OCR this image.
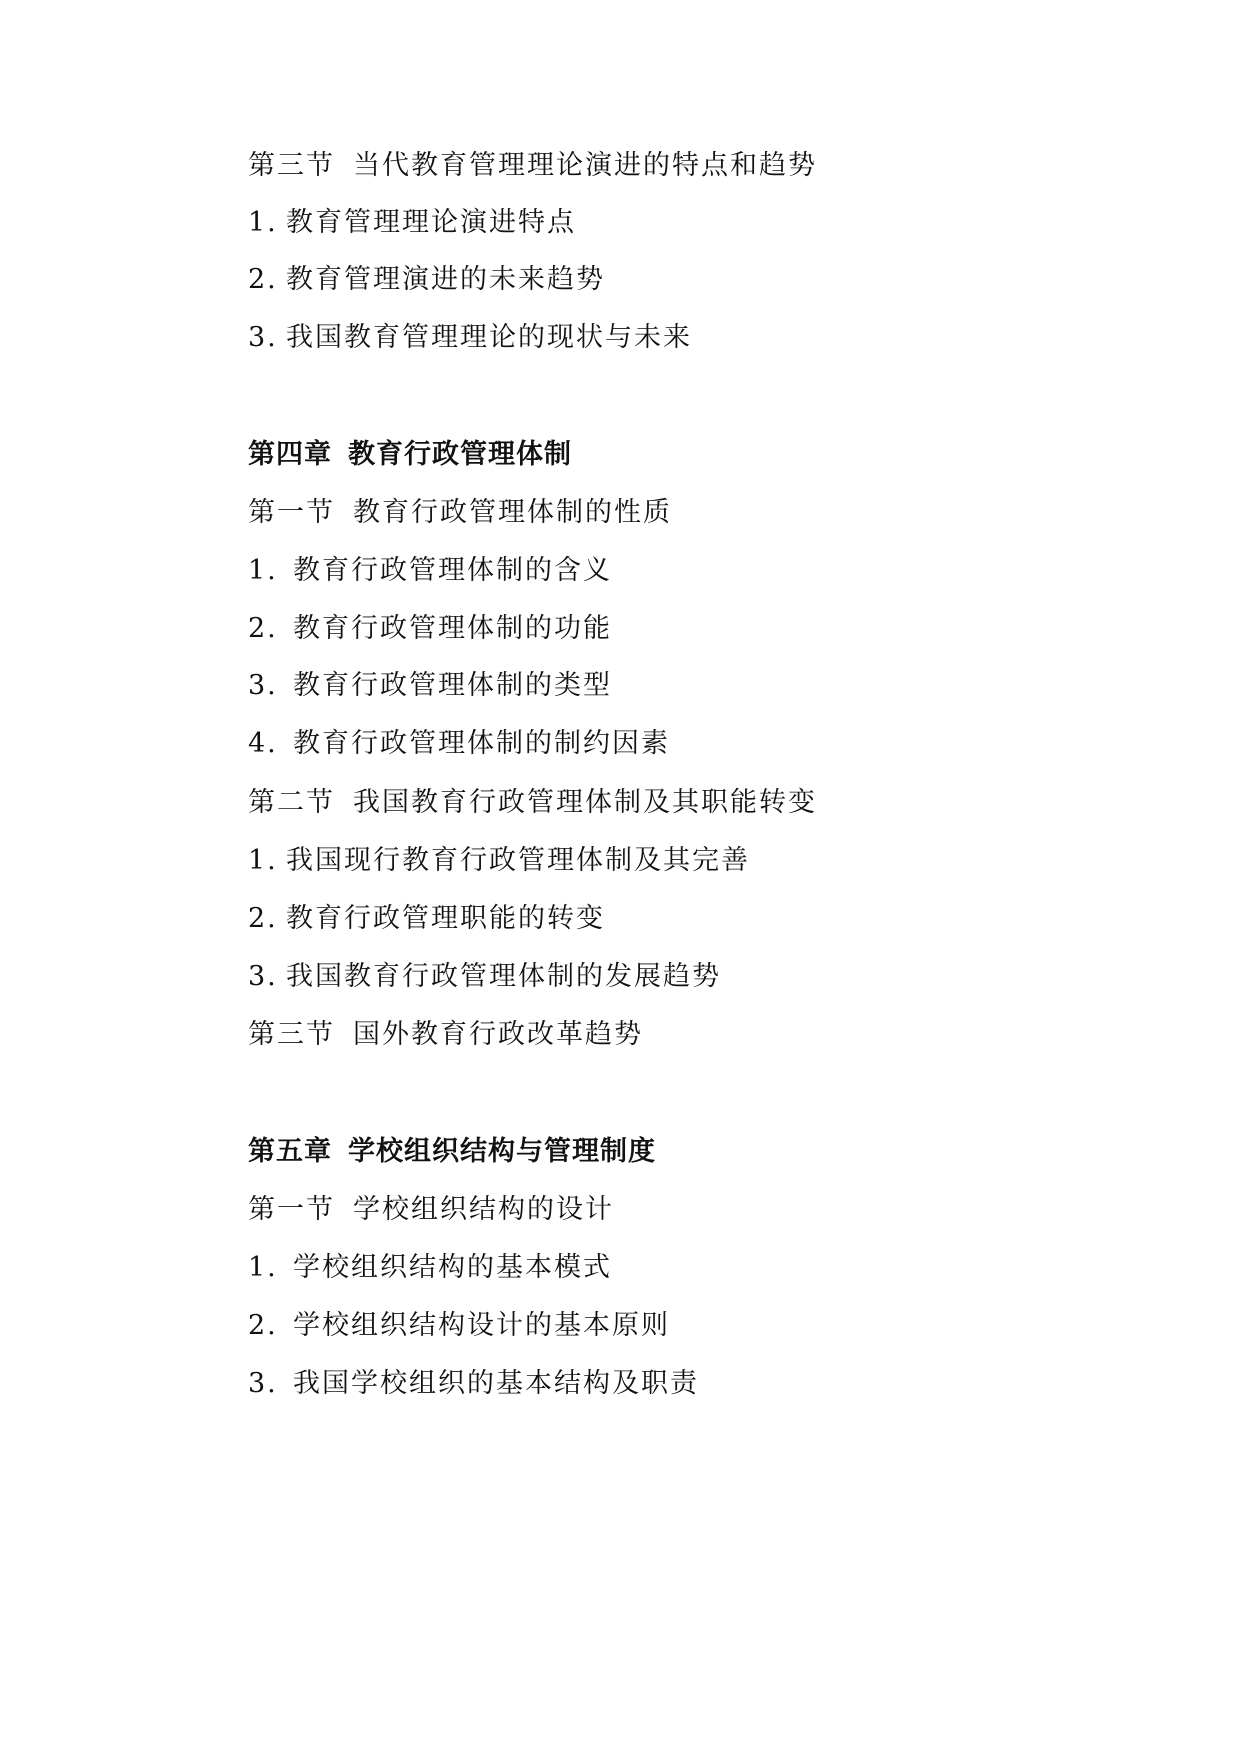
第三节 当代教育管理理论演进的特点和趋势
1. 教育管理理论演进特点
2. 教育管理演进的未来趋势
3. 我国教育管理理论的现状与未来
第四章 教育行政管理体制
第一节 教育行政管理体制的性质
1. 教育行政管理体制的含义
2. 教育行政管理体制的功能
3. 教育行政管理体制的类型
4. 教育行政管理体制的制约因素
第二节 我国教育行政管理体制及其职能转变
1. 我国现行教育行政管理体制及其完善
2. 教育行政管理职能的转变
3. 我国教育行政管理体制的发展趋势
第三节 国外教育行政改革趋势
第五章 学校组织结构与管理制度
第一节 学校组织结构的设计
1. 学校组织结构的基本模式
2. 学校组织结构设计的基本原则
3. 我国学校组织的基本结构及职责
